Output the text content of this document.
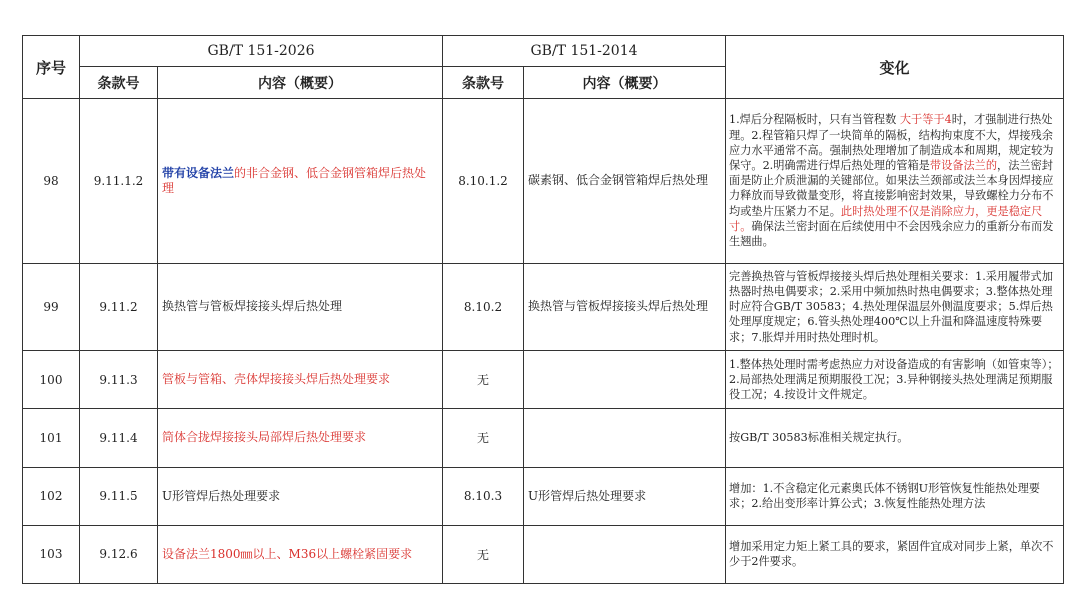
序号	GB/T 151-2026		GB/T 151-2014		变化
	条款号	内容（概要）	条款号	内容（概要）	
98	9.11.1.2	带有设备法兰的非合金钢、低合金钢管箱焊后热处理	8.10.1.2	碳素钢、低合金钢管箱焊后热处理	1.焊后分程隔板时，只有当管程数 大于等于4时，才强制进行热处理。2.程管箱只焊了一块简单的隔板，结构拘束度不大，焊接残余应力水平通常不高。强制热处理增加了制造成本和周期，规定较为保守。2.明确需进行焊后热处理的管箱是带设备法兰的，法兰密封面是防止介质泄漏的关键部位。如果法兰颈部或法兰本身因焊接应力释放而导致微量变形，将直接影响密封效果，导致螺栓力分布不均或垫片压紧力不足。此时热处理不仅是消除应力，更是稳定尺寸。确保法兰密封面在后续使用中不会因残余应力的重新分布而发生翘曲。
99	9.11.2	换热管与管板焊接接头焊后热处理	8.10.2	换热管与管板焊接接头焊后热处理	完善换热管与管板焊接接头焊后热处理相关要求：1.采用履带式加热器时热电偶要求；2.采用中频加热时热电偶要求；3.整体热处理时应符合GB/T 30583；4.热处理保温层外侧温度要求；5.焊后热处理厚度规定；6.管头热处理400℃以上升温和降温速度特殊要求；7.胀焊并用时热处理时机。
100	9.11.3	管板与管箱、壳体焊接接头焊后热处理要求	无		1.整体热处理时需考虑热应力对设备造成的有害影响（如管束等）；2.局部热处理满足预期服役工况；3.异种钢接头热处理满足预期服役工况；4.按设计文件规定。
101	9.11.4	筒体合拢焊接接头局部焊后热处理要求	无		按GB/T 30583标准相关规定执行。
102	9.11.5	U形管焊后热处理要求	8.10.3	U形管焊后热处理要求	增加：1.不含稳定化元素奥氏体不锈钢U形管恢复性能热处理要求；2.给出变形率计算公式；3.恢复性能热处理方法
103	9.12.6	设备法兰1800㎜以上、M36以上螺栓紧固要求	无		增加采用定力矩上紧工具的要求，紧固件宜成对同步上紧，单次不少于2件要求。
